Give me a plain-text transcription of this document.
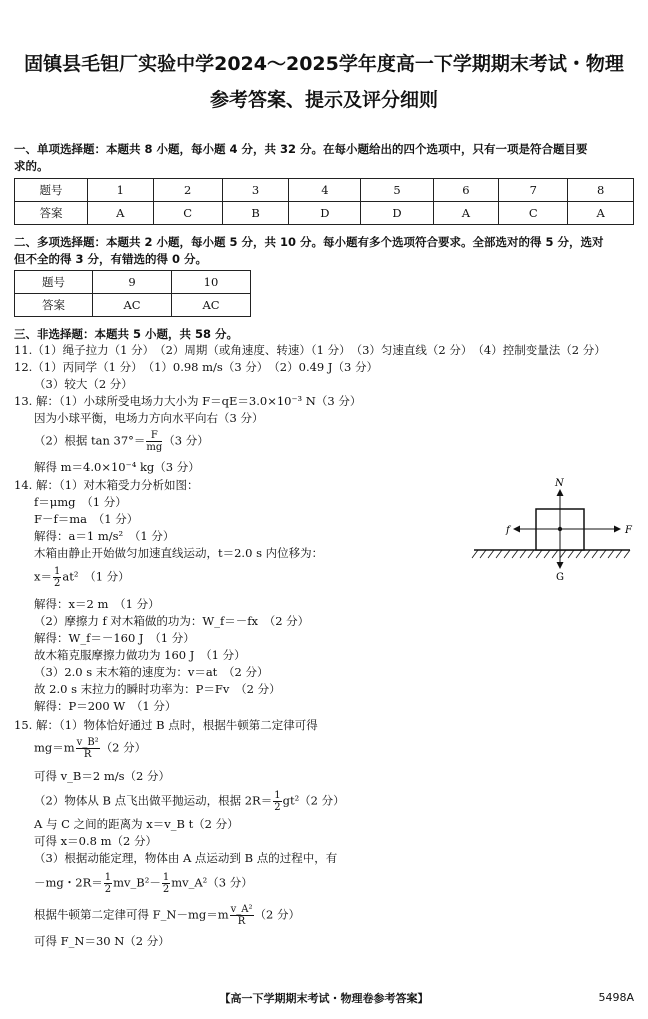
固镇县毛钽厂实验中学2024～2025学年度高一下学期期末考试・物理
参考答案、提示及评分细则
一、单项选择题：本题共 8 小题，每小题 4 分，共 32 分。在每小题给出的四个选项中，只有一项是符合题目要
求的。
题号	1	2	3	4	5	6	7	8
答案	A	C	B	D	D	A	C	A
二、多项选择题：本题共 2 小题，每小题 5 分，共 10 分。每小题有多个选项符合要求。全部选对的得 5 分，选对
但不全的得 3 分，有错选的得 0 分。
题号	9	10
答案	AC	AC
三、非选择题：本题共 5 小题，共 58 分。
11.（1）绳子拉力（1 分）　（2）周期（或角速度、转速）（1 分）　（3）匀速直线（2 分）　（4）控制变量法（2 分）
12.（1）丙同学（1 分）　（1）0.98 m/s（3 分）　（2）0.49 J（3 分）
（3）较大（2 分）
13. 解：（1）小球所受电场力大小为 F＝qE＝3.0×10⁻³ N（3 分）
因为小球平衡，电场力方向水平向右（3 分）
（2）根据 $\tan 37^\circ= \frac{F}{mg} (3$ 分）
解得 m＝4.0×10⁻⁴ kg（3 分）
14. 解：（1）对木箱受力分析如图：
f＝μmg　（1 分）
F－f＝ma　（1 分）
解得：a＝1 m/s²　（1 分）
木箱由静止开始做匀加速直线运动，t＝2.0 s 内位移为：
$x= \frac{1}{2} at^2$　（1 分）
解得：x＝2 m　（1 分）
（2）摩擦力 f 对木箱做的功为：W_f＝－fx　（2 分）
解得：W_f＝－160 J　（1 分）
故木箱克服摩擦力做功为 160 J　（1 分）
（3）2.0 s 末木箱的速度为：v＝at　（2 分）
故 2.0 s 末拉力的瞬时功率为：P＝Fv　（2 分）
解得：P＝200 W　（1 分）
N
G
f	F
15. 解：（1）物体恰好通过 B 点时，根据牛顿第二定律可得
$mg=m \frac{\text{v\_B²}}{R} (2$ 分）
可得 v_B＝2 m/s（2 分）
（2）物体从 B 点飞出做平抛运动，根据 $2R= \frac{1}{2} gt^2(2$ 分）
A 与 C 之间的距离为 x＝v_B t（2 分）
可得 x＝0.8 m（2 分）
（3）根据动能定理，物体由 A 点运动到 B 点的过程中，有
－mg・$2R= \frac{1}{2}$ mv_B²－ $\frac{1}{2}$ mv_A²（3 分）
根据牛顿第二定律可得 F_N－mg＝m $\frac{\text{v\_A²}}{R} (2$ 分）
可得 F_N＝30 N（2 分）
【高一下学期期末考试・物理卷参考答案】	5498A
